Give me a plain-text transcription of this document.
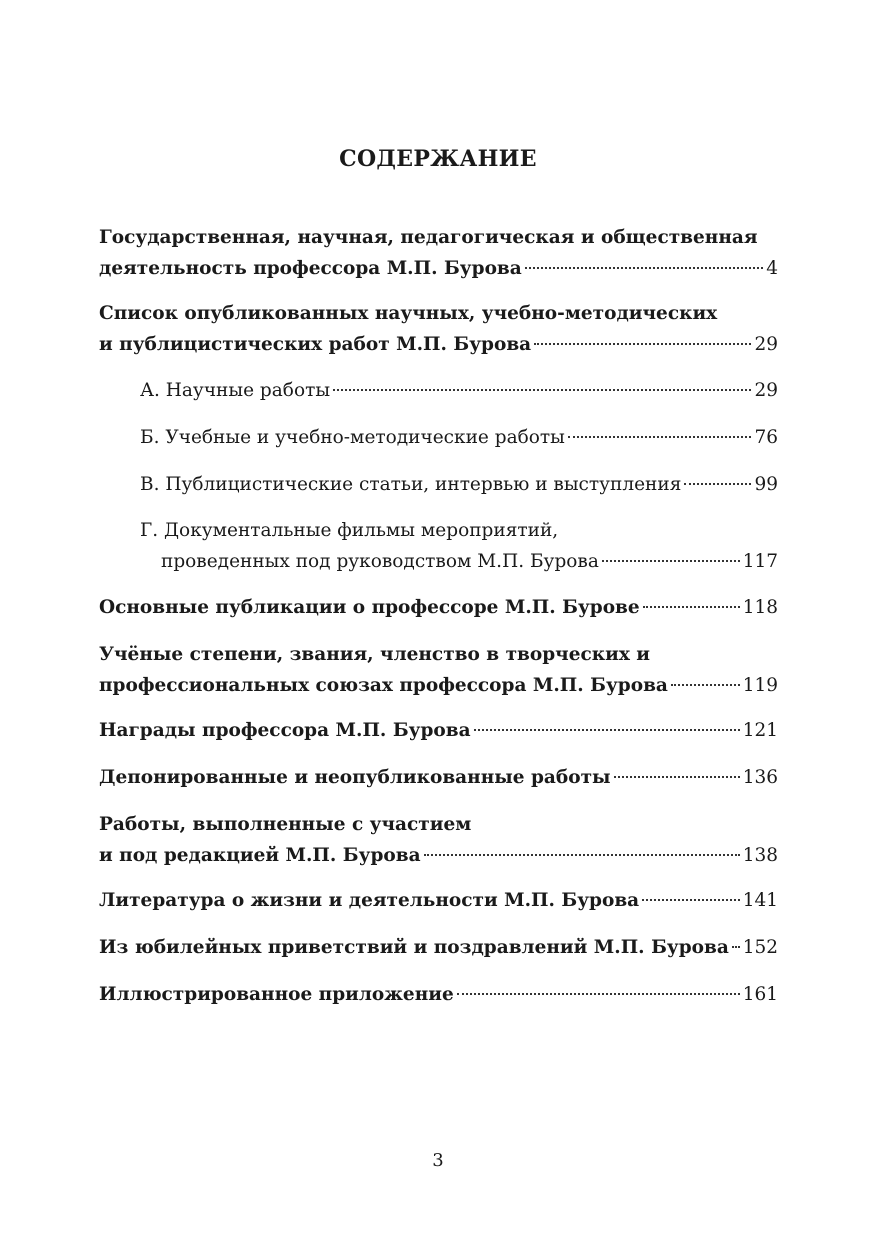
СОДЕРЖАНИЕ
Государственная, научная, педагогическая и общественная
деятельность профессора М.П. Бурова	4
Список опубликованных научных, учебно-методических
и публицистических работ М.П. Бурова	29
А. Научные работы	29
Б. Учебные и учебно-методические работы	76
В. Публицистические статьи, интервью и выступления	99
Г. Документальные фильмы мероприятий,
проведенных под руководством М.П. Бурова	117
Основные публикации о профессоре М.П. Бурове	118
Учёные степени, звания, членство в творческих и
профессиональных союзах профессора М.П. Бурова	119
Награды профессора М.П. Бурова	121
Депонированные и неопубликованные работы	136
Работы, выполненные с участием
и под редакцией М.П. Бурова	138
Литература о жизни и деятельности М.П. Бурова	141
Из юбилейных приветствий и поздравлений М.П. Бурова 152
Иллюстрированное приложение	161
3
